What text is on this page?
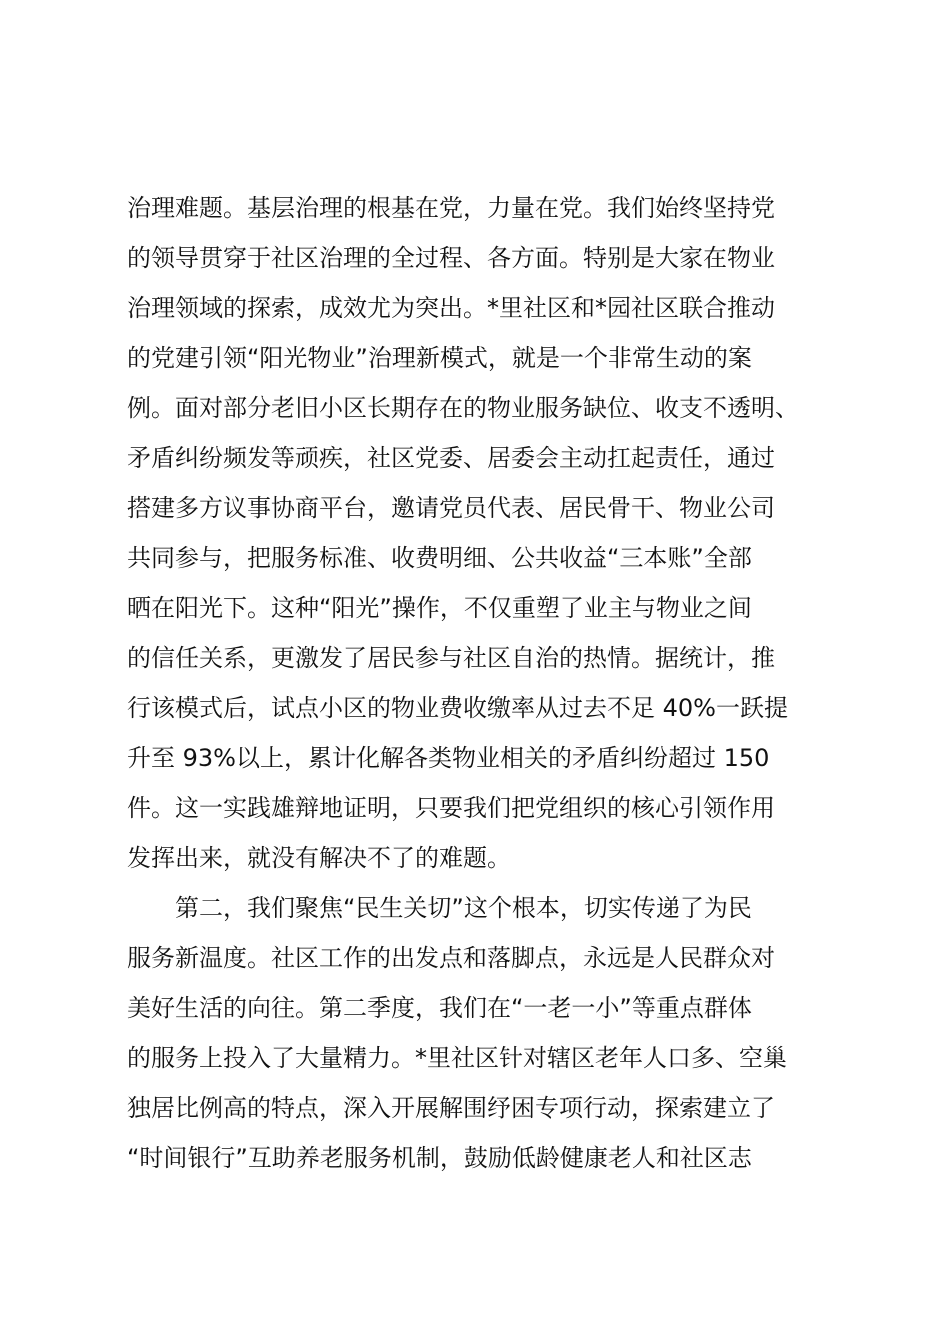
治理难题。基层治理的根基在党，力量在党。我们始终坚持党
的领导贯穿于社区治理的全过程、各方面。特别是大家在物业
治理领域的探索，成效尤为突出。*里社区和*园社区联合推动
的党建引领“阳光物业”治理新模式，就是一个非常生动的案
例。面对部分老旧小区长期存在的物业服务缺位、收支不透明、
矛盾纠纷频发等顽疾，社区党委、居委会主动扛起责任，通过
搭建多方议事协商平台，邀请党员代表、居民骨干、物业公司
共同参与，把服务标准、收费明细、公共收益“三本账”全部
晒在阳光下。这种“阳光”操作，不仅重塑了业主与物业之间
的信任关系，更激发了居民参与社区自治的热情。据统计，推
行该模式后，试点小区的物业费收缴率从过去不足 40%一跃提
升至 93%以上，累计化解各类物业相关的矛盾纠纷超过 150
件。这一实践雄辩地证明，只要我们把党组织的核心引领作用
发挥出来，就没有解决不了的难题。
第二，我们聚焦“民生关切”这个根本，切实传递了为民
服务新温度。社区工作的出发点和落脚点，永远是人民群众对
美好生活的向往。第二季度，我们在“一老一小”等重点群体
的服务上投入了大量精力。*里社区针对辖区老年人口多、空巢
独居比例高的特点，深入开展解围纾困专项行动，探索建立了
“时间银行”互助养老服务机制，鼓励低龄健康老人和社区志
